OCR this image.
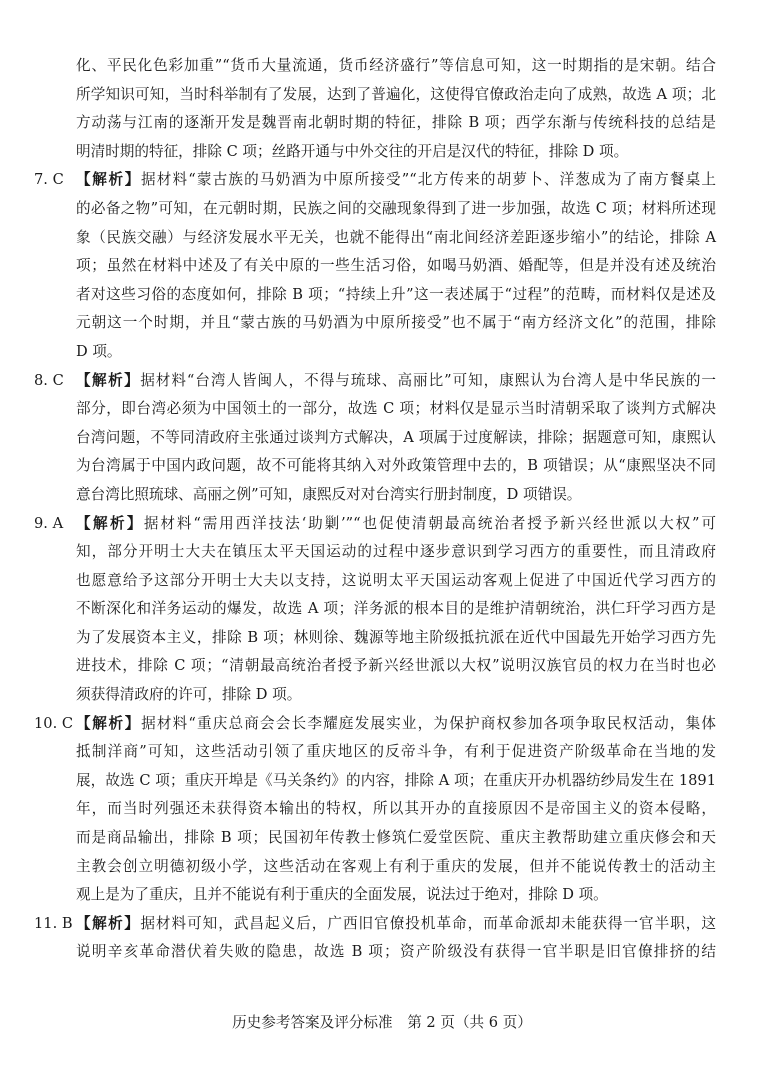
化、平民化色彩加重”“货币大量流通，货币经济盛行”等信息可知，这一时期指的是宋朝。结合
所学知识可知，当时科举制有了发展，达到了普遍化，这使得官僚政治走向了成熟，故选 A 项；北
方动荡与江南的逐渐开发是魏晋南北朝时期的特征，排除 B 项；西学东渐与传统科技的总结是
明清时期的特征，排除 C 项；丝路开通与中外交往的开启是汉代的特征，排除 D 项。
7. C 【解析】据材料“蒙古族的马奶酒为中原所接受”“北方传来的胡萝卜、洋葱成为了南方餐桌上
的必备之物”可知，在元朝时期，民族之间的交融现象得到了进一步加强，故选 C 项；材料所述现
象（民族交融）与经济发展水平无关，也就不能得出“南北间经济差距逐步缩小”的结论，排除 A
项；虽然在材料中述及了有关中原的一些生活习俗，如喝马奶酒、婚配等，但是并没有述及统治
者对这些习俗的态度如何，排除 B 项；“持续上升”这一表述属于“过程”的范畴，而材料仅是述及
元朝这一个时期，并且“蒙古族的马奶酒为中原所接受”也不属于“南方经济文化”的范围，排除
D 项。
8. C 【解析】据材料“台湾人皆闽人，不得与琉球、高丽比”可知，康熙认为台湾人是中华民族的一
部分，即台湾必须为中国领土的一部分，故选 C 项；材料仅是显示当时清朝采取了谈判方式解决
台湾问题，不等同清政府主张通过谈判方式解决，A 项属于过度解读，排除；据题意可知，康熙认
为台湾属于中国内政问题，故不可能将其纳入对外政策管理中去的，B 项错误；从“康熙坚决不同
意台湾比照琉球、高丽之例”可知，康熙反对对台湾实行册封制度，D 项错误。
9. A 【解析】据材料“需用西洋技法‘助剿’”“也促使清朝最高统治者授予新兴经世派以大权”可
知，部分开明士大夫在镇压太平天国运动的过程中逐步意识到学习西方的重要性，而且清政府
也愿意给予这部分开明士大夫以支持，这说明太平天国运动客观上促进了中国近代学习西方的
不断深化和洋务运动的爆发，故选 A 项；洋务派的根本目的是维护清朝统治，洪仁玕学习西方是
为了发展资本主义，排除 B 项；林则徐、魏源等地主阶级抵抗派在近代中国最先开始学习西方先
进技术，排除 C 项；“清朝最高统治者授予新兴经世派以大权”说明汉族官员的权力在当时也必
须获得清政府的许可，排除 D 项。
10. C 【解析】据材料“重庆总商会会长李耀庭发展实业，为保护商权参加各项争取民权活动，集体
抵制洋商”可知，这些活动引领了重庆地区的反帝斗争，有利于促进资产阶级革命在当地的发
展，故选 C 项；重庆开埠是《马关条约》的内容，排除 A 项；在重庆开办机器纺纱局发生在 1891
年，而当时列强还未获得资本输出的特权，所以其开办的直接原因不是帝国主义的资本侵略，
而是商品输出，排除 B 项；民国初年传教士修筑仁爱堂医院、重庆主教帮助建立重庆修会和天
主教会创立明德初级小学，这些活动在客观上有利于重庆的发展，但并不能说传教士的活动主
观上是为了重庆，且并不能说有利于重庆的全面发展，说法过于绝对，排除 D 项。
11. B 【解析】据材料可知，武昌起义后，广西旧官僚投机革命，而革命派却未能获得一官半职，这
说明辛亥革命潜伏着失败的隐患，故选 B 项；资产阶级没有获得一官半职是旧官僚排挤的结
历史参考答案及评分标准　第 2 页（共 6 页）
